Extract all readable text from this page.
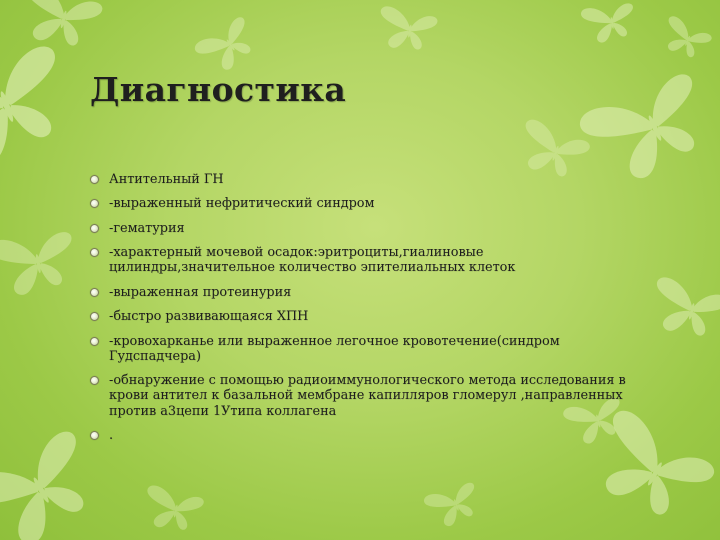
Диагностика
Антительный ГН
-выраженный нефритический синдром
-гематурия
-характерный мочевой осадок:эритроциты,гиалиновые цилиндры,значительное количество эпителиальных клеток
-выраженная протеинурия
-быстро развивающаяся ХПН
-кровохарканье или выраженное легочное кровотечение(синдром Гудспадчера)
-обнаружение с помощью радиоиммунологического метода исследования в крови антител к базальной мембране капилляров гломерул ,направленных против а3цепи 1Утипа коллагена
.
